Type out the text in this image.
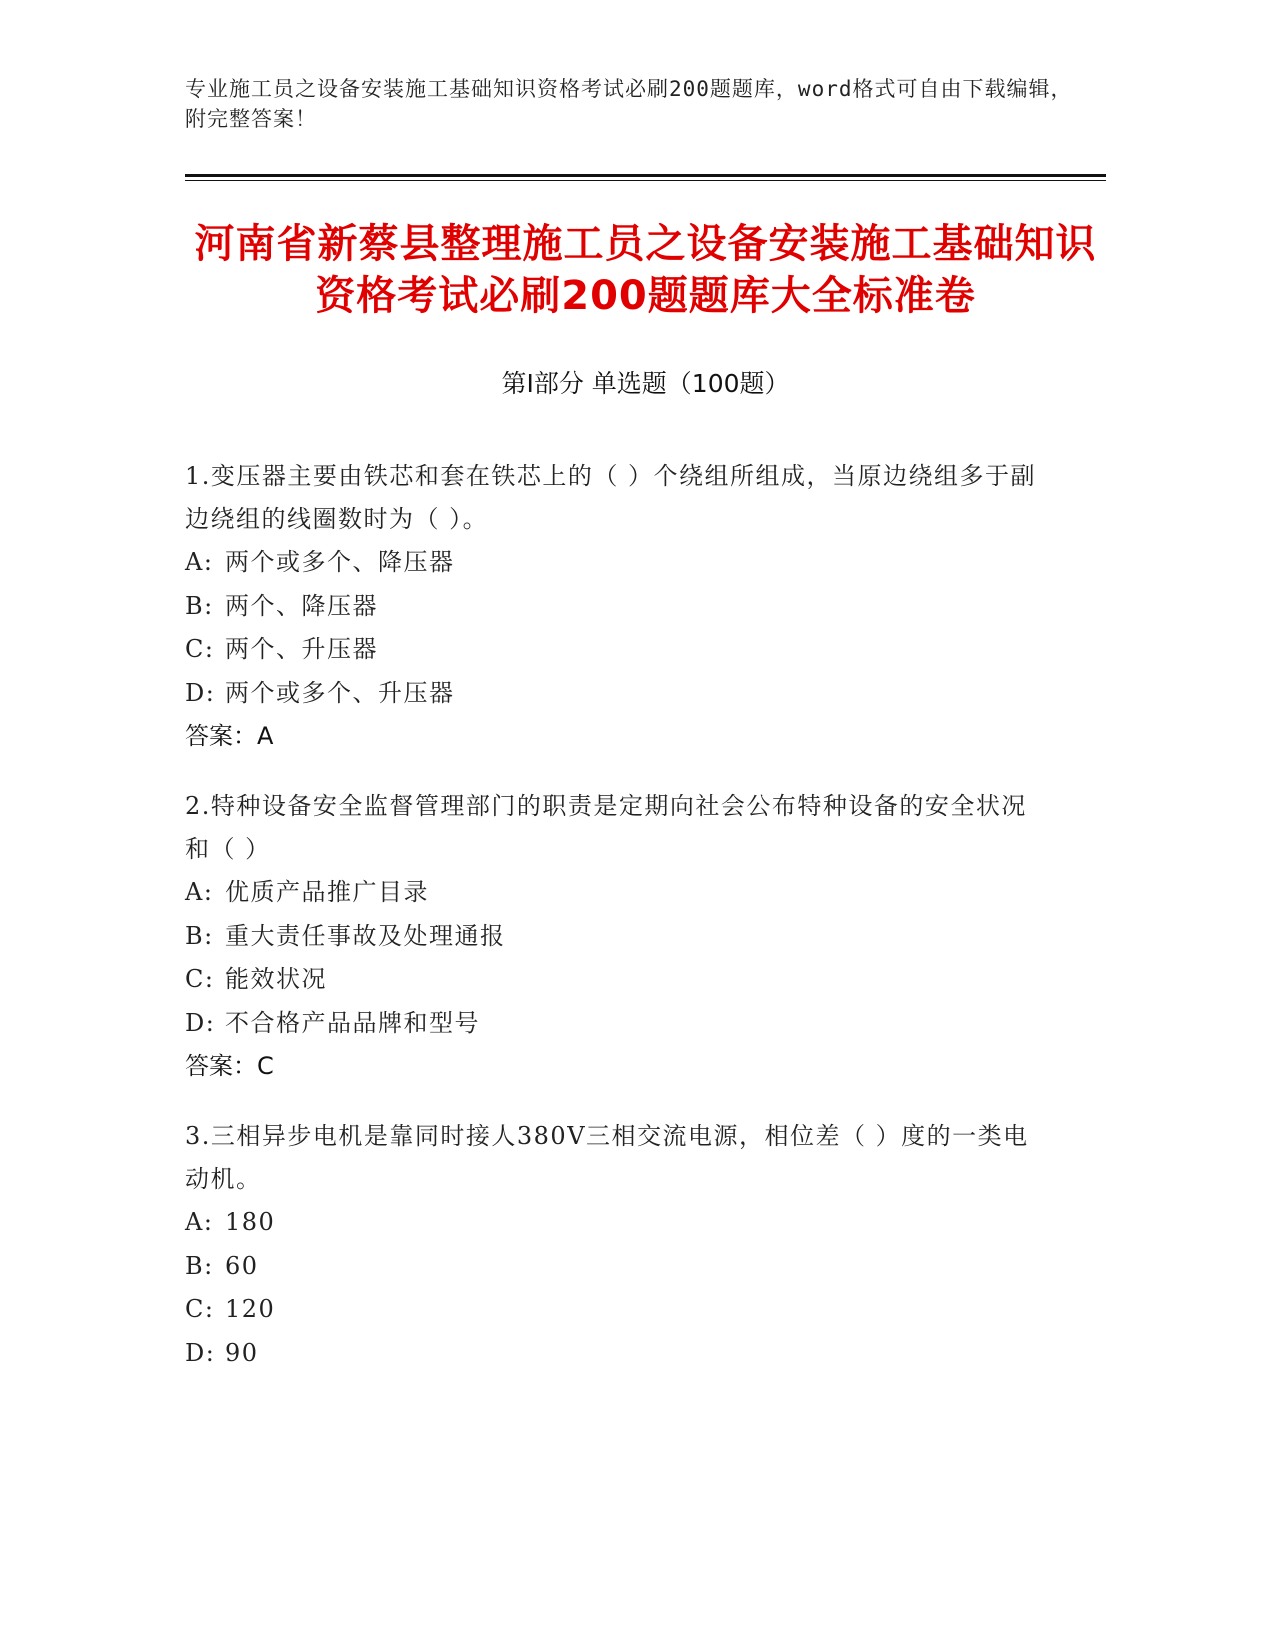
专业施工员之设备安装施工基础知识资格考试必刷200题题库，word格式可自由下载编辑，附完整答案！
河南省新蔡县整理施工员之设备安装施工基础知识资格考试必刷200题题库大全标准卷
第Ⅰ部分 单选题（100题）
1.变压器主要由铁芯和套在铁芯上的（ ）个绕组所组成，当原边绕组多于副边绕组的线圈数时为（ ）。
A: 两个或多个、降压器
B: 两个、降压器
C: 两个、升压器
D: 两个或多个、升压器
答案：A
2.特种设备安全监督管理部门的职责是定期向社会公布特种设备的安全状况和（ ）
A: 优质产品推广目录
B: 重大责任事故及处理通报
C: 能效状况
D: 不合格产品品牌和型号
答案：C
3.三相异步电机是靠同时接人380V三相交流电源，相位差（ ）度的一类电动机。
A: 180
B: 60
C: 120
D: 90
